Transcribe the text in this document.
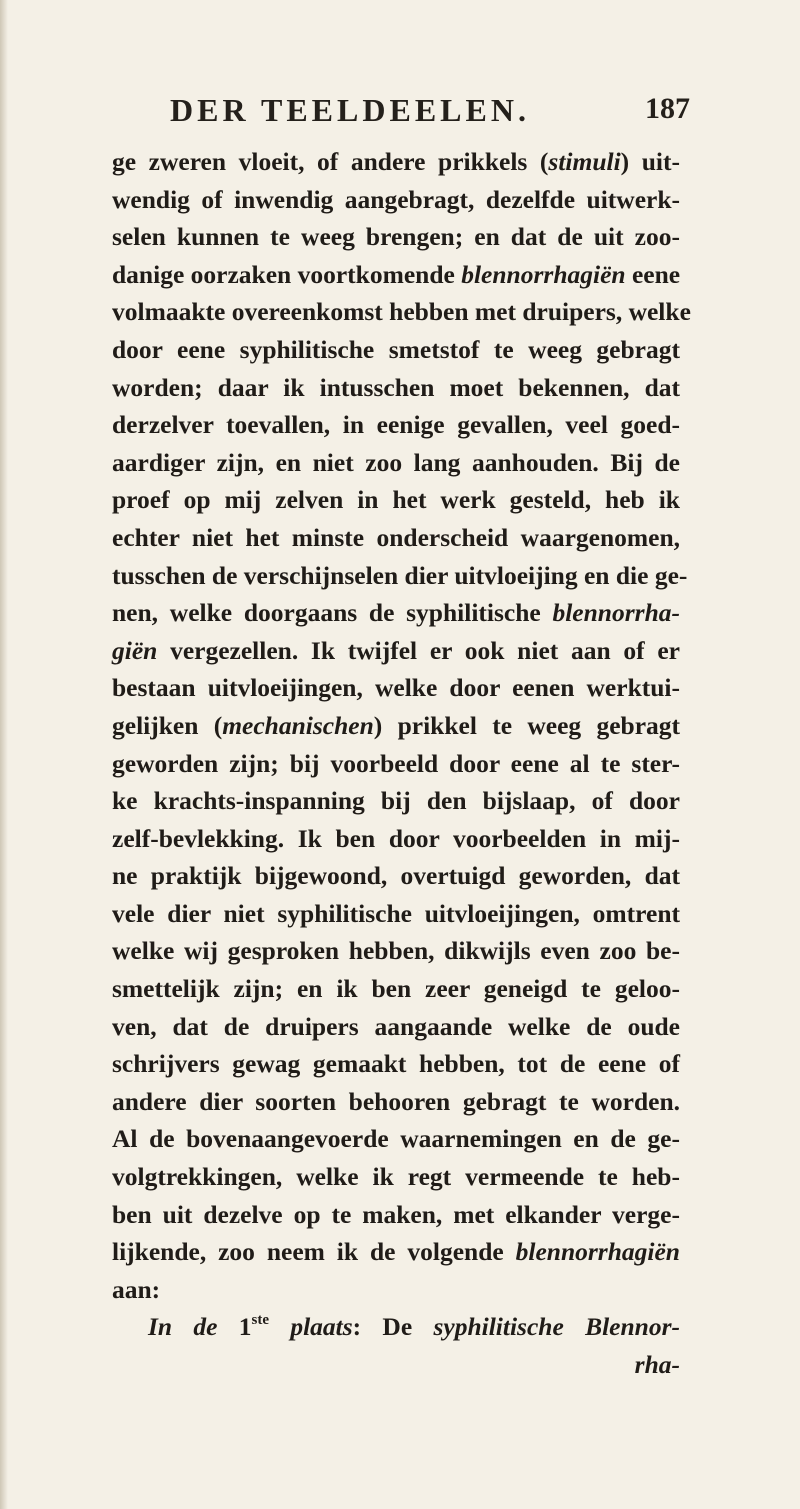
DER TEELDEELEN.	187
ge zweren vloeit, of andere prikkels (stimuli) uit-
wendig of inwendig aangebragt, dezelfde uitwerk-
selen kunnen te weeg brengen; en dat de uit zoo-
danige oorzaken voortkomende blennorrhagiën eene
volmaakte overeenkomst hebben met druipers, welke
door eene syphilitische smetstof te weeg gebragt
worden; daar ik intusschen moet bekennen, dat
derzelver toevallen, in eenige gevallen, veel goed-
aardiger zijn, en niet zoo lang aanhouden. Bij de
proef op mij zelven in het werk gesteld, heb ik
echter niet het minste onderscheid waargenomen,
tusschen de verschijnselen dier uitvloeijing en die ge-
nen, welke doorgaans de syphilitische blennorrha-
giën vergezellen. Ik twijfel er ook niet aan of er
bestaan uitvloeijingen, welke door eenen werktui-
gelijken (mechanischen) prikkel te weeg gebragt
geworden zijn; bij voorbeeld door eene al te ster-
ke krachts-inspanning bij den bijslaap, of door
zelf-bevlekking. Ik ben door voorbeelden in mij-
ne praktijk bijgewoond, overtuigd geworden, dat
vele dier niet syphilitische uitvloeijingen, omtrent
welke wij gesproken hebben, dikwijls even zoo be-
smettelijk zijn; en ik ben zeer geneigd te geloo-
ven, dat de druipers aangaande welke de oude
schrijvers gewag gemaakt hebben, tot de eene of
andere dier soorten behooren gebragt te worden.
Al de bovenaangevoerde waarnemingen en de ge-
volgtrekkingen, welke ik regt vermeende te heb-
ben uit dezelve op te maken, met elkander verge-
lijkende, zoo neem ik de volgende blennorrhagiën
aan:
In de 1ste plaats: De syphilitische Blennor-
rha-
